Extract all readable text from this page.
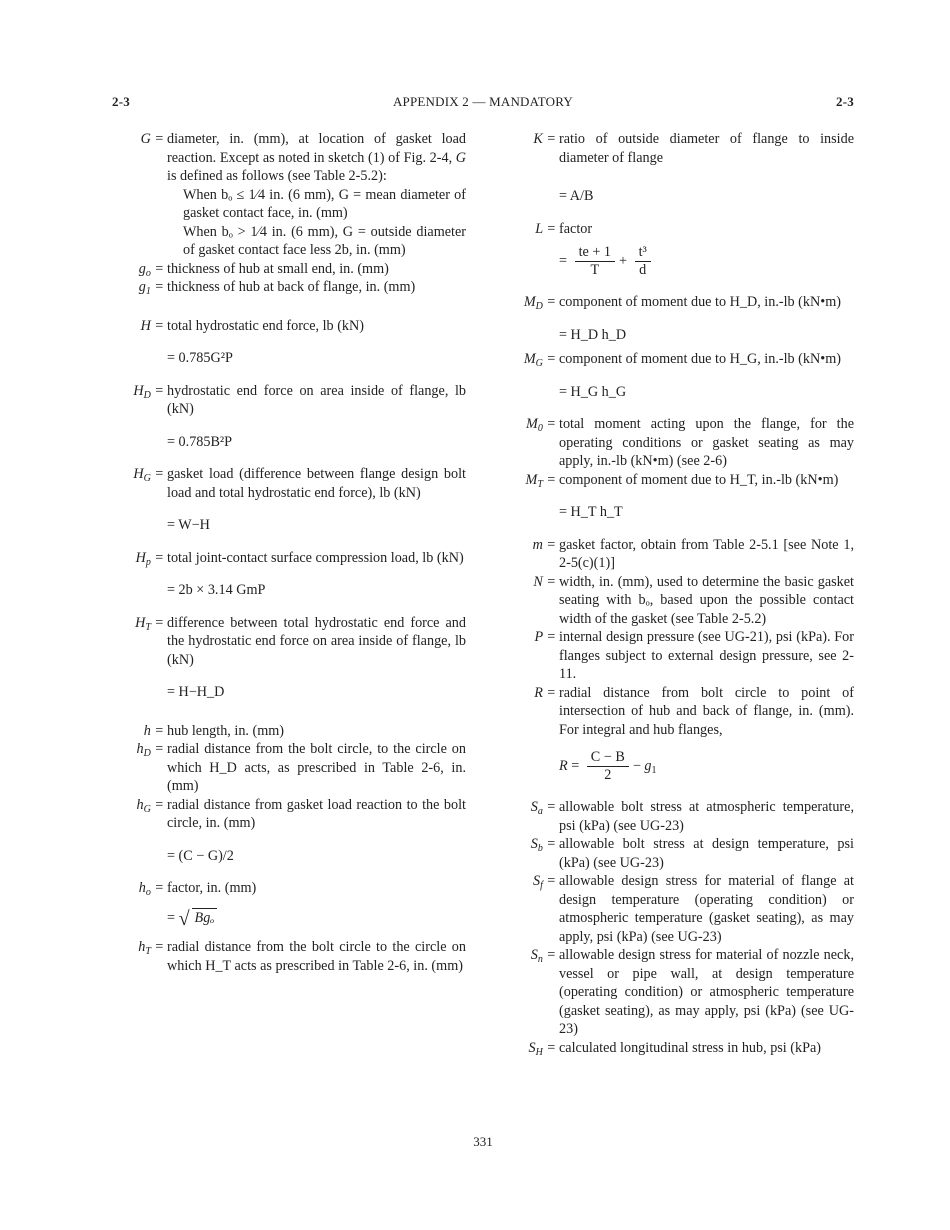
2-3	APPENDIX 2 — MANDATORY	2-3
G = diameter, in. (mm), at location of gasket load reaction. Except as noted in sketch (1) of Fig. 2-4, G is defined as follows (see Table 2-5.2):
When bₒ ≤ 1⁄4 in. (6 mm), G = mean diameter of gasket contact face, in. (mm)
When bₒ > 1⁄4 in. (6 mm), G = outside diameter of gasket contact face less 2b, in. (mm)
$g_o$ = thickness of hub at small end, in. (mm)
$g_1$ = thickness of hub at back of flange, in. (mm)
H = total hydrostatic end force, lb (kN)
= 0.785G²P
$H_D$ = hydrostatic end force on area inside of flange, lb (kN)
= 0.785B²P
$H_G$ = gasket load (difference between flange design bolt load and total hydrostatic end force), lb (kN)
= W−H
$H_p$ = total joint-contact surface compression load, lb (kN)
= 2b × 3.14 GmP
$H_T$ = difference between total hydrostatic end force and the hydrostatic end force on area inside of flange, lb (kN)
= H−H_D
h = hub length, in. (mm)
$h_D$ = radial distance from the bolt circle, to the circle on which H_D acts, as prescribed in Table 2-6, in. (mm)
$h_G$ = radial distance from gasket load reaction to the bolt circle, in. (mm)
= (C − G)/2
$h_o$ = factor, in. (mm)
= √ Bgₒ
$h_T$ = radial distance from the bolt circle to the circle on which H_T acts as prescribed in Table 2-6, in. (mm)
K = ratio of outside diameter of flange to inside diameter of flange
= A/B
L = factor
= $\frac{te + 1}{T} + \frac{\text{t³}}{d}$
$M_D$ = component of moment due to H_D, in.-lb (kN•m)
= H_D h_D
$M_G$ = component of moment due to H_G, in.-lb (kN•m)
= H_G h_G
$M_0$ = total moment acting upon the flange, for the operating conditions or gasket seating as may apply, in.-lb (kN•m) (see 2-6)
$M_T$ = component of moment due to H_T, in.-lb (kN•m)
= H_T h_T
m = gasket factor, obtain from Table 2-5.1 [see Note 1, 2-5(c)(1)]
N = width, in. (mm), used to determine the basic gasket seating with bₒ, based upon the possible contact width of the gasket (see Table 2-5.2)
P = internal design pressure (see UG-21), psi (kPa). For flanges subject to external design pressure, see 2-11.
R = radial distance from bolt circle to point of intersection of hub and back of flange, in. (mm). For integral and hub flanges,
$R = \frac{C - B}{2} - g_1$
$S_a$ = allowable bolt stress at atmospheric temperature, psi (kPa) (see UG-23)
$S_b$ = allowable bolt stress at design temperature, psi (kPa) (see UG-23)
$S_f$ = allowable design stress for material of flange at design temperature (operating condition) or atmospheric temperature (gasket seating), as may apply, psi (kPa) (see UG-23)
$S_n$ = allowable design stress for material of nozzle neck, vessel or pipe wall, at design temperature (operating condition) or atmospheric temperature (gasket seating), as may apply, psi (kPa) (see UG-23)
$S_H$ = calculated longitudinal stress in hub, psi (kPa)
331
